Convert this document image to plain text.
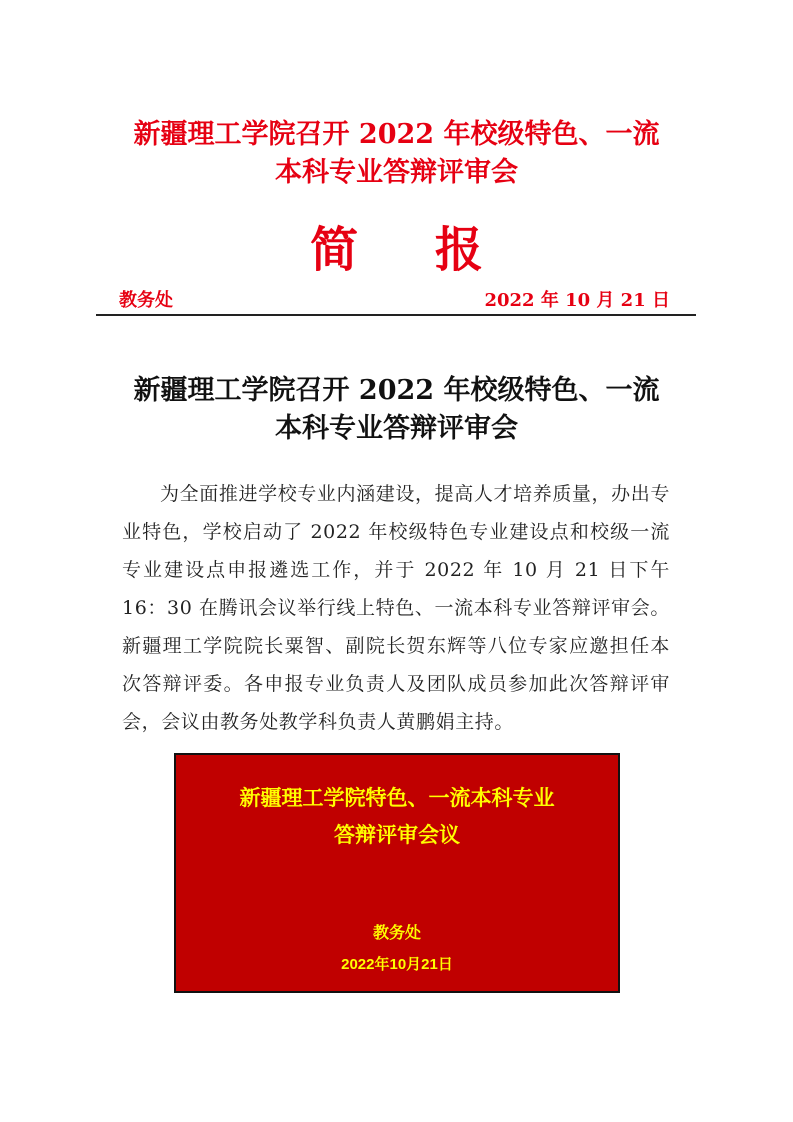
新疆理工学院召开 2022 年校级特色、一流
本科专业答辩评审会
简 报
教务处	2022 年 10 月 21 日
新疆理工学院召开 2022 年校级特色、一流
本科专业答辩评审会

为全面推进学校专业内涵建设，提高人才培养质量，办出专业特色，学校启动了 2022 年校级特色专业建设点和校级一流专业建设点申报遴选工作，并于 2022 年 10 月 21 日下午 16：30 在腾讯会议举行线上特色、一流本科专业答辩评审会。新疆理工学院院长粟智、副院长贺东辉等八位专家应邀担任本次答辩评委。各申报专业负责人及团队成员参加此次答辩评审会，会议由教务处教学科负责人黄鹏娟主持。

新疆理工学院特色、一流本科专业
答辩评审会议
教务处
2022年10月21日
